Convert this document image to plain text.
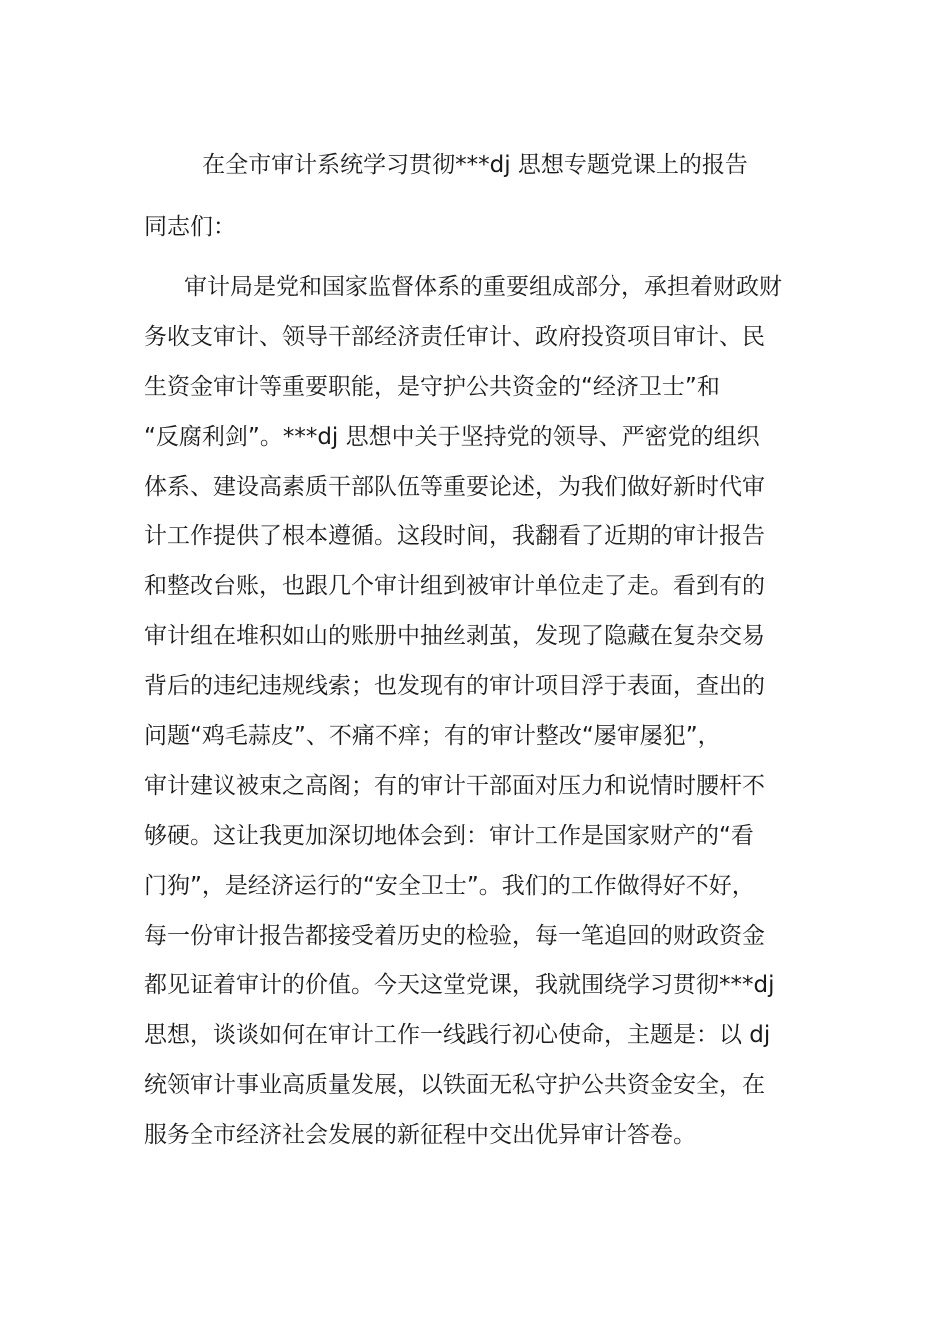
在全市审计系统学习贯彻***dj 思想专题党课上的报告
同志们：
审计局是党和国家监督体系的重要组成部分，承担着财政财
务收支审计、领导干部经济责任审计、政府投资项目审计、民
生资金审计等重要职能，是守护公共资金的“经济卫士”和
“反腐利剑”。***dj 思想中关于坚持党的领导、严密党的组织
体系、建设高素质干部队伍等重要论述，为我们做好新时代审
计工作提供了根本遵循。这段时间，我翻看了近期的审计报告
和整改台账，也跟几个审计组到被审计单位走了走。看到有的
审计组在堆积如山的账册中抽丝剥茧，发现了隐藏在复杂交易
背后的违纪违规线索；也发现有的审计项目浮于表面，查出的
问题“鸡毛蒜皮”、不痛不痒；有的审计整改“屡审屡犯”，
审计建议被束之高阁；有的审计干部面对压力和说情时腰杆不
够硬。这让我更加深切地体会到：审计工作是国家财产的“看
门狗”，是经济运行的“安全卫士”。我们的工作做得好不好，
每一份审计报告都接受着历史的检验，每一笔追回的财政资金
都见证着审计的价值。今天这堂党课，我就围绕学习贯彻***dj
思想，谈谈如何在审计工作一线践行初心使命，主题是：以 dj
统领审计事业高质量发展，以铁面无私守护公共资金安全，在
服务全市经济社会发展的新征程中交出优异审计答卷。
